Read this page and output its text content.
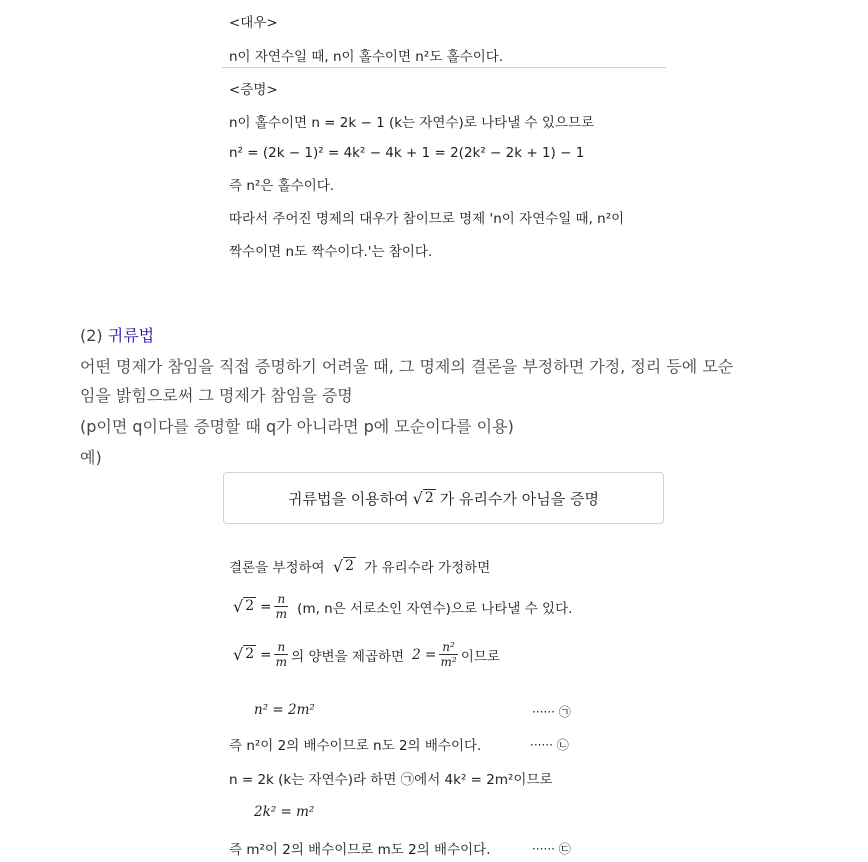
<대우>
n이 자연수일 때, n이 홀수이면 n²도 홀수이다.
<증명>
n이 홀수이면 n = 2k − 1 (k는 자연수)로 나타낼 수 있으므로
n² = (2k − 1)² = 4k² − 4k + 1 = 2(2k² − 2k + 1) − 1
즉 n²은 홀수이다.
따라서 주어진 명제의 대우가 참이므로 명제 'n이 자연수일 때, n²이
짝수이면 n도 짝수이다.'는 참이다.
(2) 귀류법
어떤 명제가 참임을 직접 증명하기 어려울 때, 그 명제의 결론을 부정하면 가정, 정리 등에 모순
임을 밝힘으로써 그 명제가 참임을 증명
(p이면 q이다를 증명할 때 q가 아니라면 p에 모순이다를 이용)
예)
귀류법을 이용하여 √ 2 가 유리수가 아님을 증명
결론을 부정하여 √ 2 가 유리수라 가정하면
√ $2 = \frac{n}{m} (m$, n은 서로소인 자연수)으로 나타낼 수 있다.
√ $2 = \frac{n}{m}$ 의 양변을 제곱하면 $2 = \frac{\text{n²}}{\text{m²}}$ 이므로
n² = 2m²	······ ㉠
즉 n²이 2의 배수이므로 n도 2의 배수이다.	······ ㉡
n = 2k (k는 자연수)라 하면 ㉠에서 4k² = 2m²이므로
2k² = m²
즉 m²이 2의 배수이므로 m도 2의 배수이다.	······ ㉢
